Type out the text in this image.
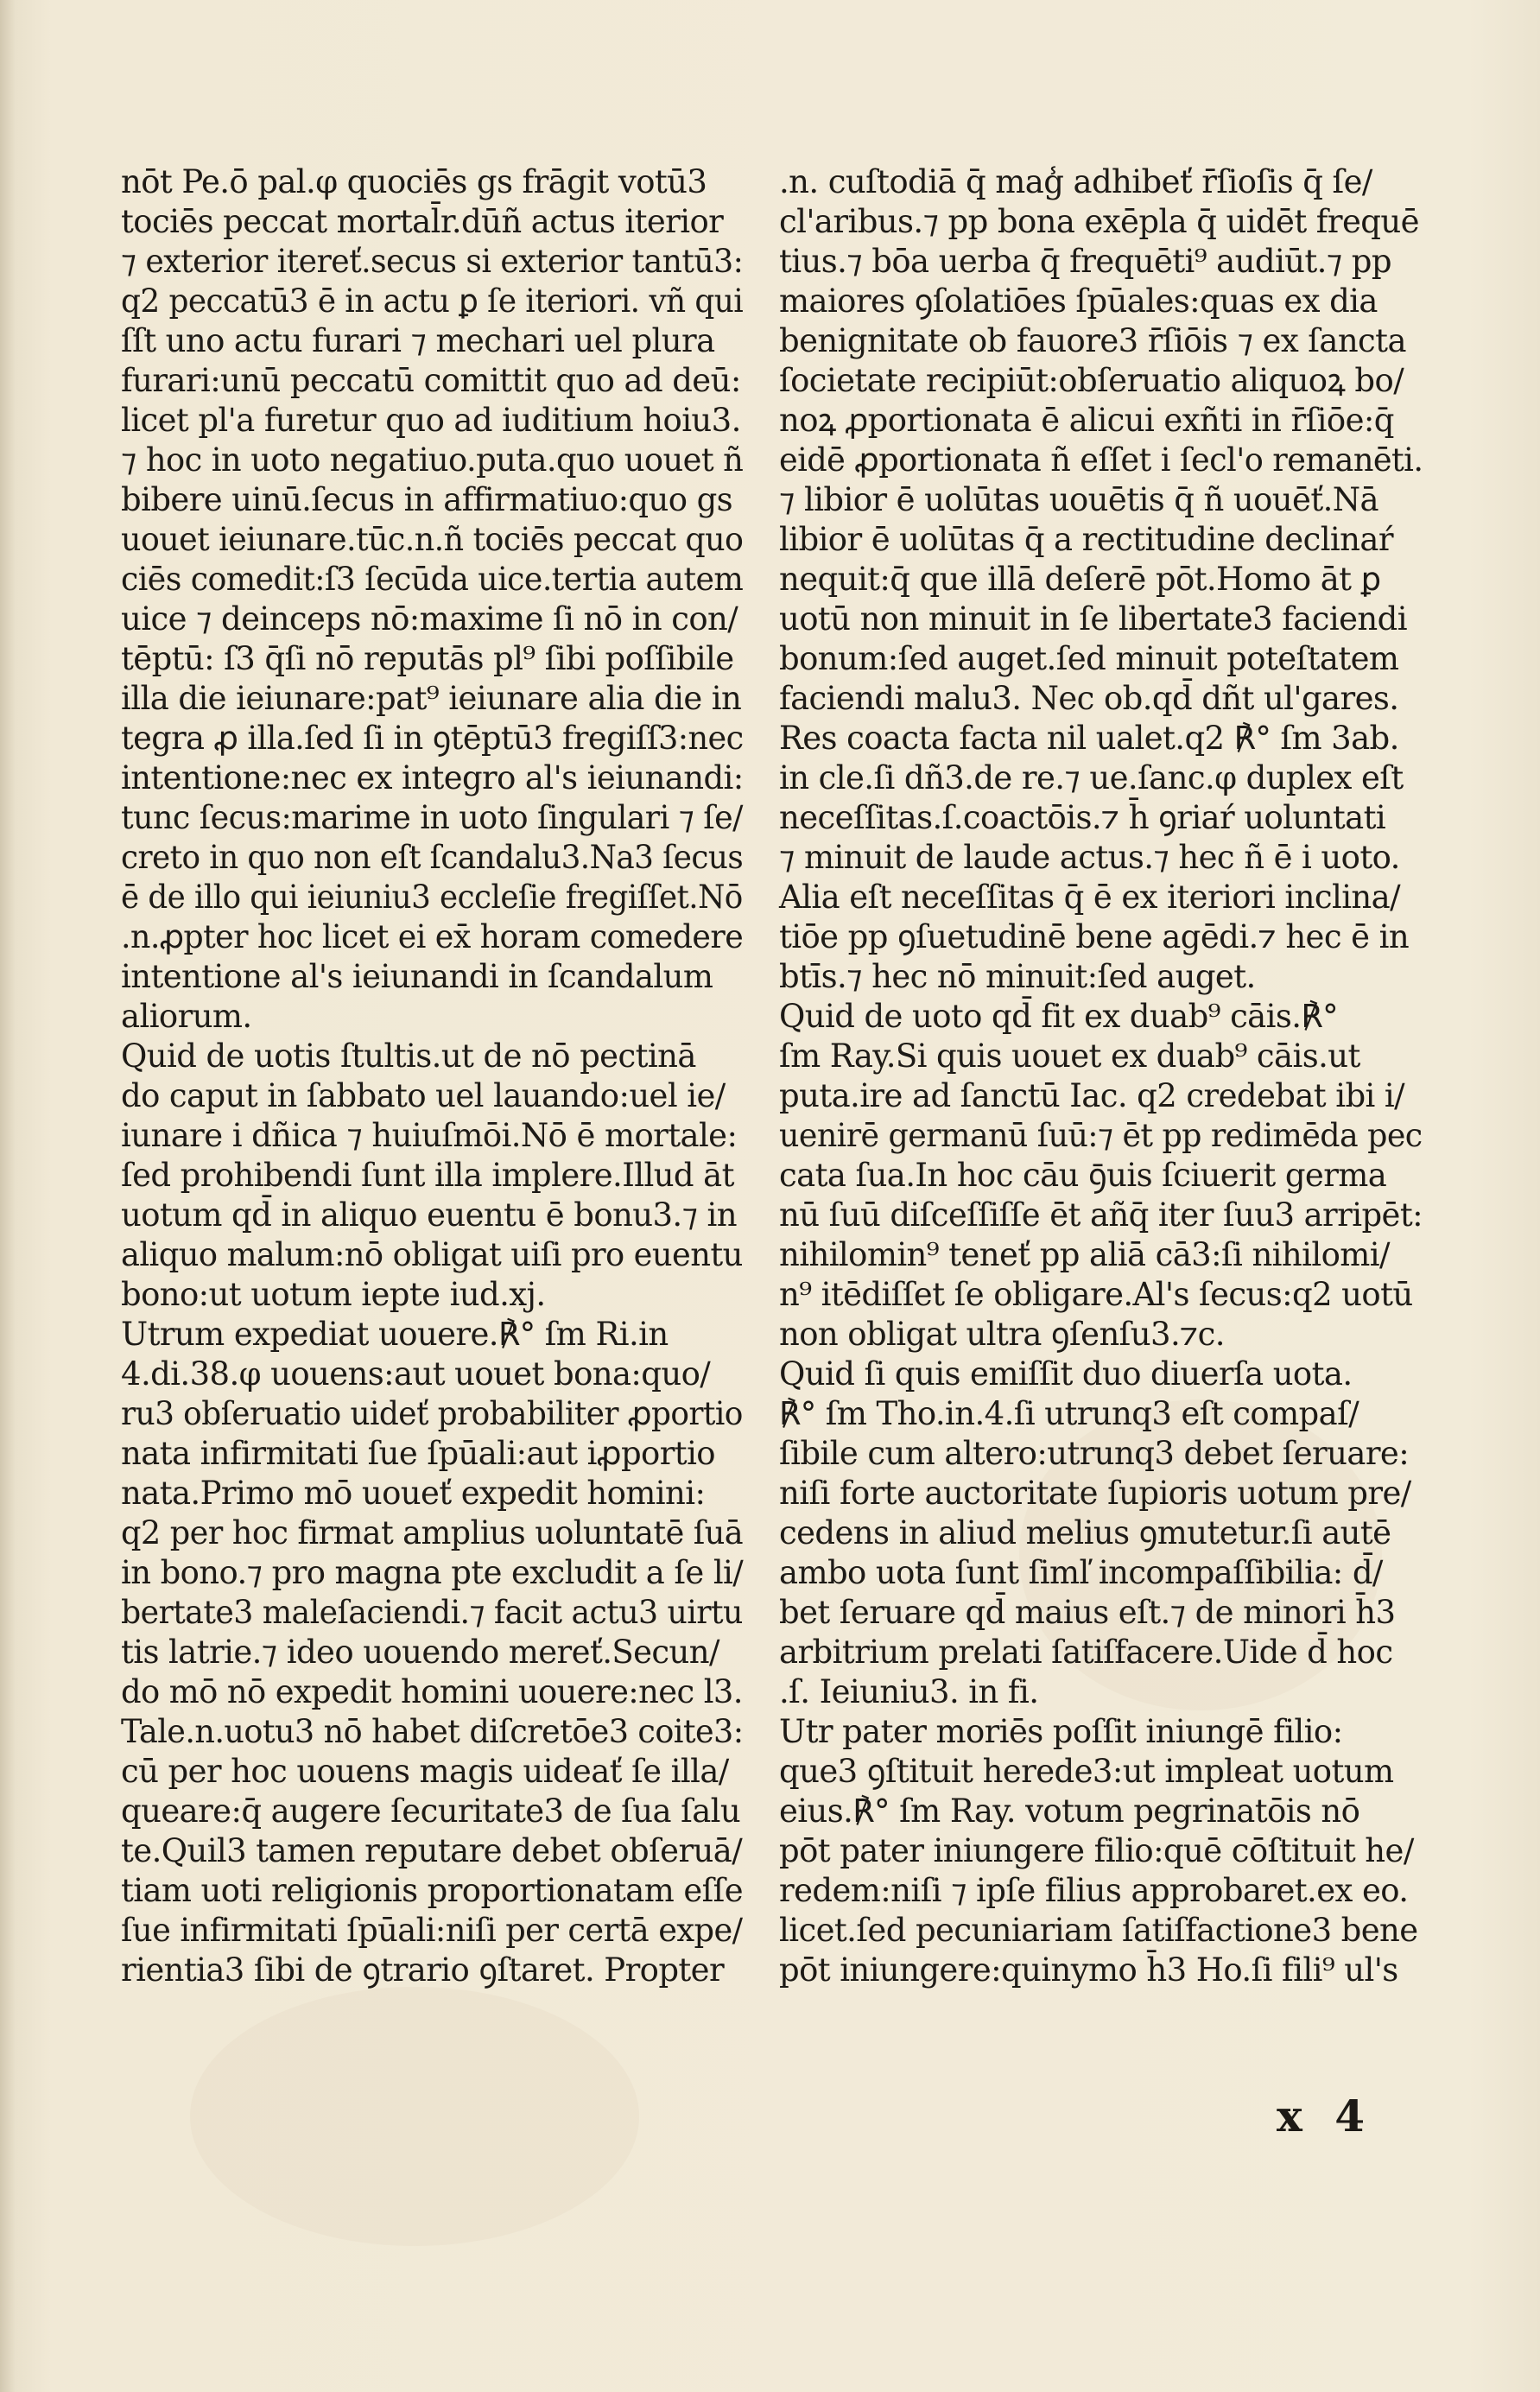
nōt Pe.ō pal.φ quociēs gs frāgit votū3
tociēs peccat mortal̄r.dūñ actus iterior
⁊ exterior itereť.secus si exterior tantū3:
q2 peccatū3 ē in actu ꝑ ſe iteriori. vñ qui
ſſt uno actu furari ⁊ mechari uel plura
furari:unū peccatū comittit quo ad deū:
licet pl'a furetur quo ad iuditium hoiu3.
⁊ hoc in uoto negatiuo.puta.quo uouet ñ
bibere uinū.ſecus in affirmatiuo:quo gs
uouet ieiunare.tūc.n.ñ tociēs peccat quo
ciēs comedit:ſ3 ſecūda uice.tertia autem
uice ⁊ deinceps nō:maxime ſi nō in con/
tēptū: ſ3 q̄ſi nō reputās pl⁹ ſibi poſſibile
illa die ieiunare:pat⁹ ieiunare alia die in
tegra ꝓ illa.ſed ſi in ꝯtēptū3 fregiſſ3:nec
intentione:nec ex integro al's ieiunandi:
tunc ſecus:marime in uoto ſingulari ⁊ ſe/
creto in quo non eſt ſcandalu3.Na3 ſecus
ē de illo qui ieiuniu3 eccleſie fregiſſet.Nō
.n.ꝓpter hoc licet ei ex̄ horam comedere
intentione al's ieiunandi in ſcandalum
aliorum.
Quid de uotis ſtultis.ut de nō pectinā
do caput in ſabbato uel lauando:uel ie/
iunare i dñica ⁊ huiuſmōi.Nō ē mortale:
ſed prohibendi ſunt illa implere.Illud āt
uotum qd̄ in aliquo euentu ē bonu3.⁊ in
aliquo malum:nō obligat uiſi pro euentu
bono:ut uotum iepte iud.xj.
Utrum expediat uouere.℟° ſm Ri.in
4.di.38.φ uouens:aut uouet bona:quo/
ru3 obſeruatio uideť probabiliter ꝓportio
nata infirmitati ſue ſpūali:aut iꝓportio
nata.Primo mō uoueť expedit homini:
q2 per hoc firmat amplius uoluntatē ſuā
in bono.⁊ pro magna pte excludit a ſe li/
bertate3 maleſaciendi.⁊ facit actu3 uirtu
tis latrie.⁊ ideo uouendo mereť.Secun/
do mō nō expedit homini uouere:nec l3.
Tale.n.uotu3 nō habet diſcretōe3 coite3:
cū per hoc uouens magis uideať ſe illa/
queare:q̄ augere ſecuritate3 de ſua ſalu
te.Quil3 tamen reputare debet obſeruā/
tiam uoti religionis proportionatam eſſe
ſue infirmitati ſpūali:niſi per certā expe/
rientia3 ſibi de ꝯtrario ꝯſtaret. Propter
.n. cuſtodiā q̄ mag̾ adhibeť r̄ſioſis q̄ ſe/
cl'aribus.⁊ pp bona exēpla q̄ uidēt frequē
tius.⁊ bōa uerba q̄ frequēti⁹ audiūt.⁊ pp
maiores ꝯſolatiōes ſpūales:quas ex dia
benignitate ob fauore3 r̄ſiōis ⁊ ex ſancta
ſocietate recipiūt:obſeruatio aliquoꝝ bo/
noꝝ ꝓportionata ē alicui exñti in r̄ſiōe:q̄
eidē ꝓportionata ñ eſſet i ſecl'o remanēti.
⁊ libior ē uolūtas uouētis q̄ ñ uouēť.Nā
libior ē uolūtas q̄ a rectitudine declinaŕ
nequit:q̄ que illā deſerē pōt.Homo āt ꝑ
uotū non minuit in ſe libertate3 faciendi
bonum:ſed auget.ſed minuit poteſtatem
faciendi malu3. Nec ob.qd̄ dñt ul'gares.
Res coacta facta nil ualet.q2 ℟° ſm 3ab.
in cle.ſi dñ3.de re.⁊ ue.ſanc.φ duplex eſt
neceſſitas.ſ.coactōis.⁊ h̄ ꝯriaŕ uoluntati
⁊ minuit de laude actus.⁊ hec ñ ē i uoto.
Alia eſt neceſſitas q̄ ē ex iteriori inclina/
tiōe pp ꝯſuetudinē bene agēdi.⁊ hec ē in
btīs.⁊ hec nō minuit:ſed auget.
Quid de uoto qd̄ fit ex duab⁹ cāis.℟°
ſm Ray.Si quis uouet ex duab⁹ cāis.ut
puta.ire ad ſanctū Iac. q2 credebat ibi i/
uenirē germanū ſuū:⁊ ēt pp redimēda pec
cata ſua.In hoc cāu ꝯ̄uis ſciuerit germa
nū ſuū diſceſſiſſe ēt añq̄ iter ſuu3 arripēt:
nihilomin⁹ teneť pp aliā cā3:ſi nihilomi/
n⁹ itēdiſſet ſe obligare.Al's ſecus:q2 uotū
non obligat ultra ꝯſenſu3.⁊c.
Quid ſi quis emiſſit duo diuerſa uota.
℟° ſm Tho.in.4.ſi utrunq3 eſt compaſ/
ſibile cum altero:utrunq3 debet ſeruare:
niſi forte auctoritate ſupioris uotum pre/
cedens in aliud melius ꝯmutetur.ſi autē
ambo uota ſunt ſimľ incompaſſibilia: d̄/
bet ſeruare qd̄ maius eſt.⁊ de minori h̄3
arbitrium prelati ſatiſfacere.Uide d̄ hoc
.ſ. Ieiuniu3. in fi.
Utr pater moriēs poſſit iniungē filio:
que3 ꝯſtituit herede3:ut impleat uotum
eius.℟° ſm Ray. votum pegrinatōis nō
pōt pater iniungere filio:quē cōſtituit he/
redem:niſi ⁊ ipſe filius approbaret.ex eo.
licet.ſed pecuniariam ſatiſfactione3 bene
pōt iniungere:quinymo h̄3 Ho.ſi fili⁹ ul's
x 4
